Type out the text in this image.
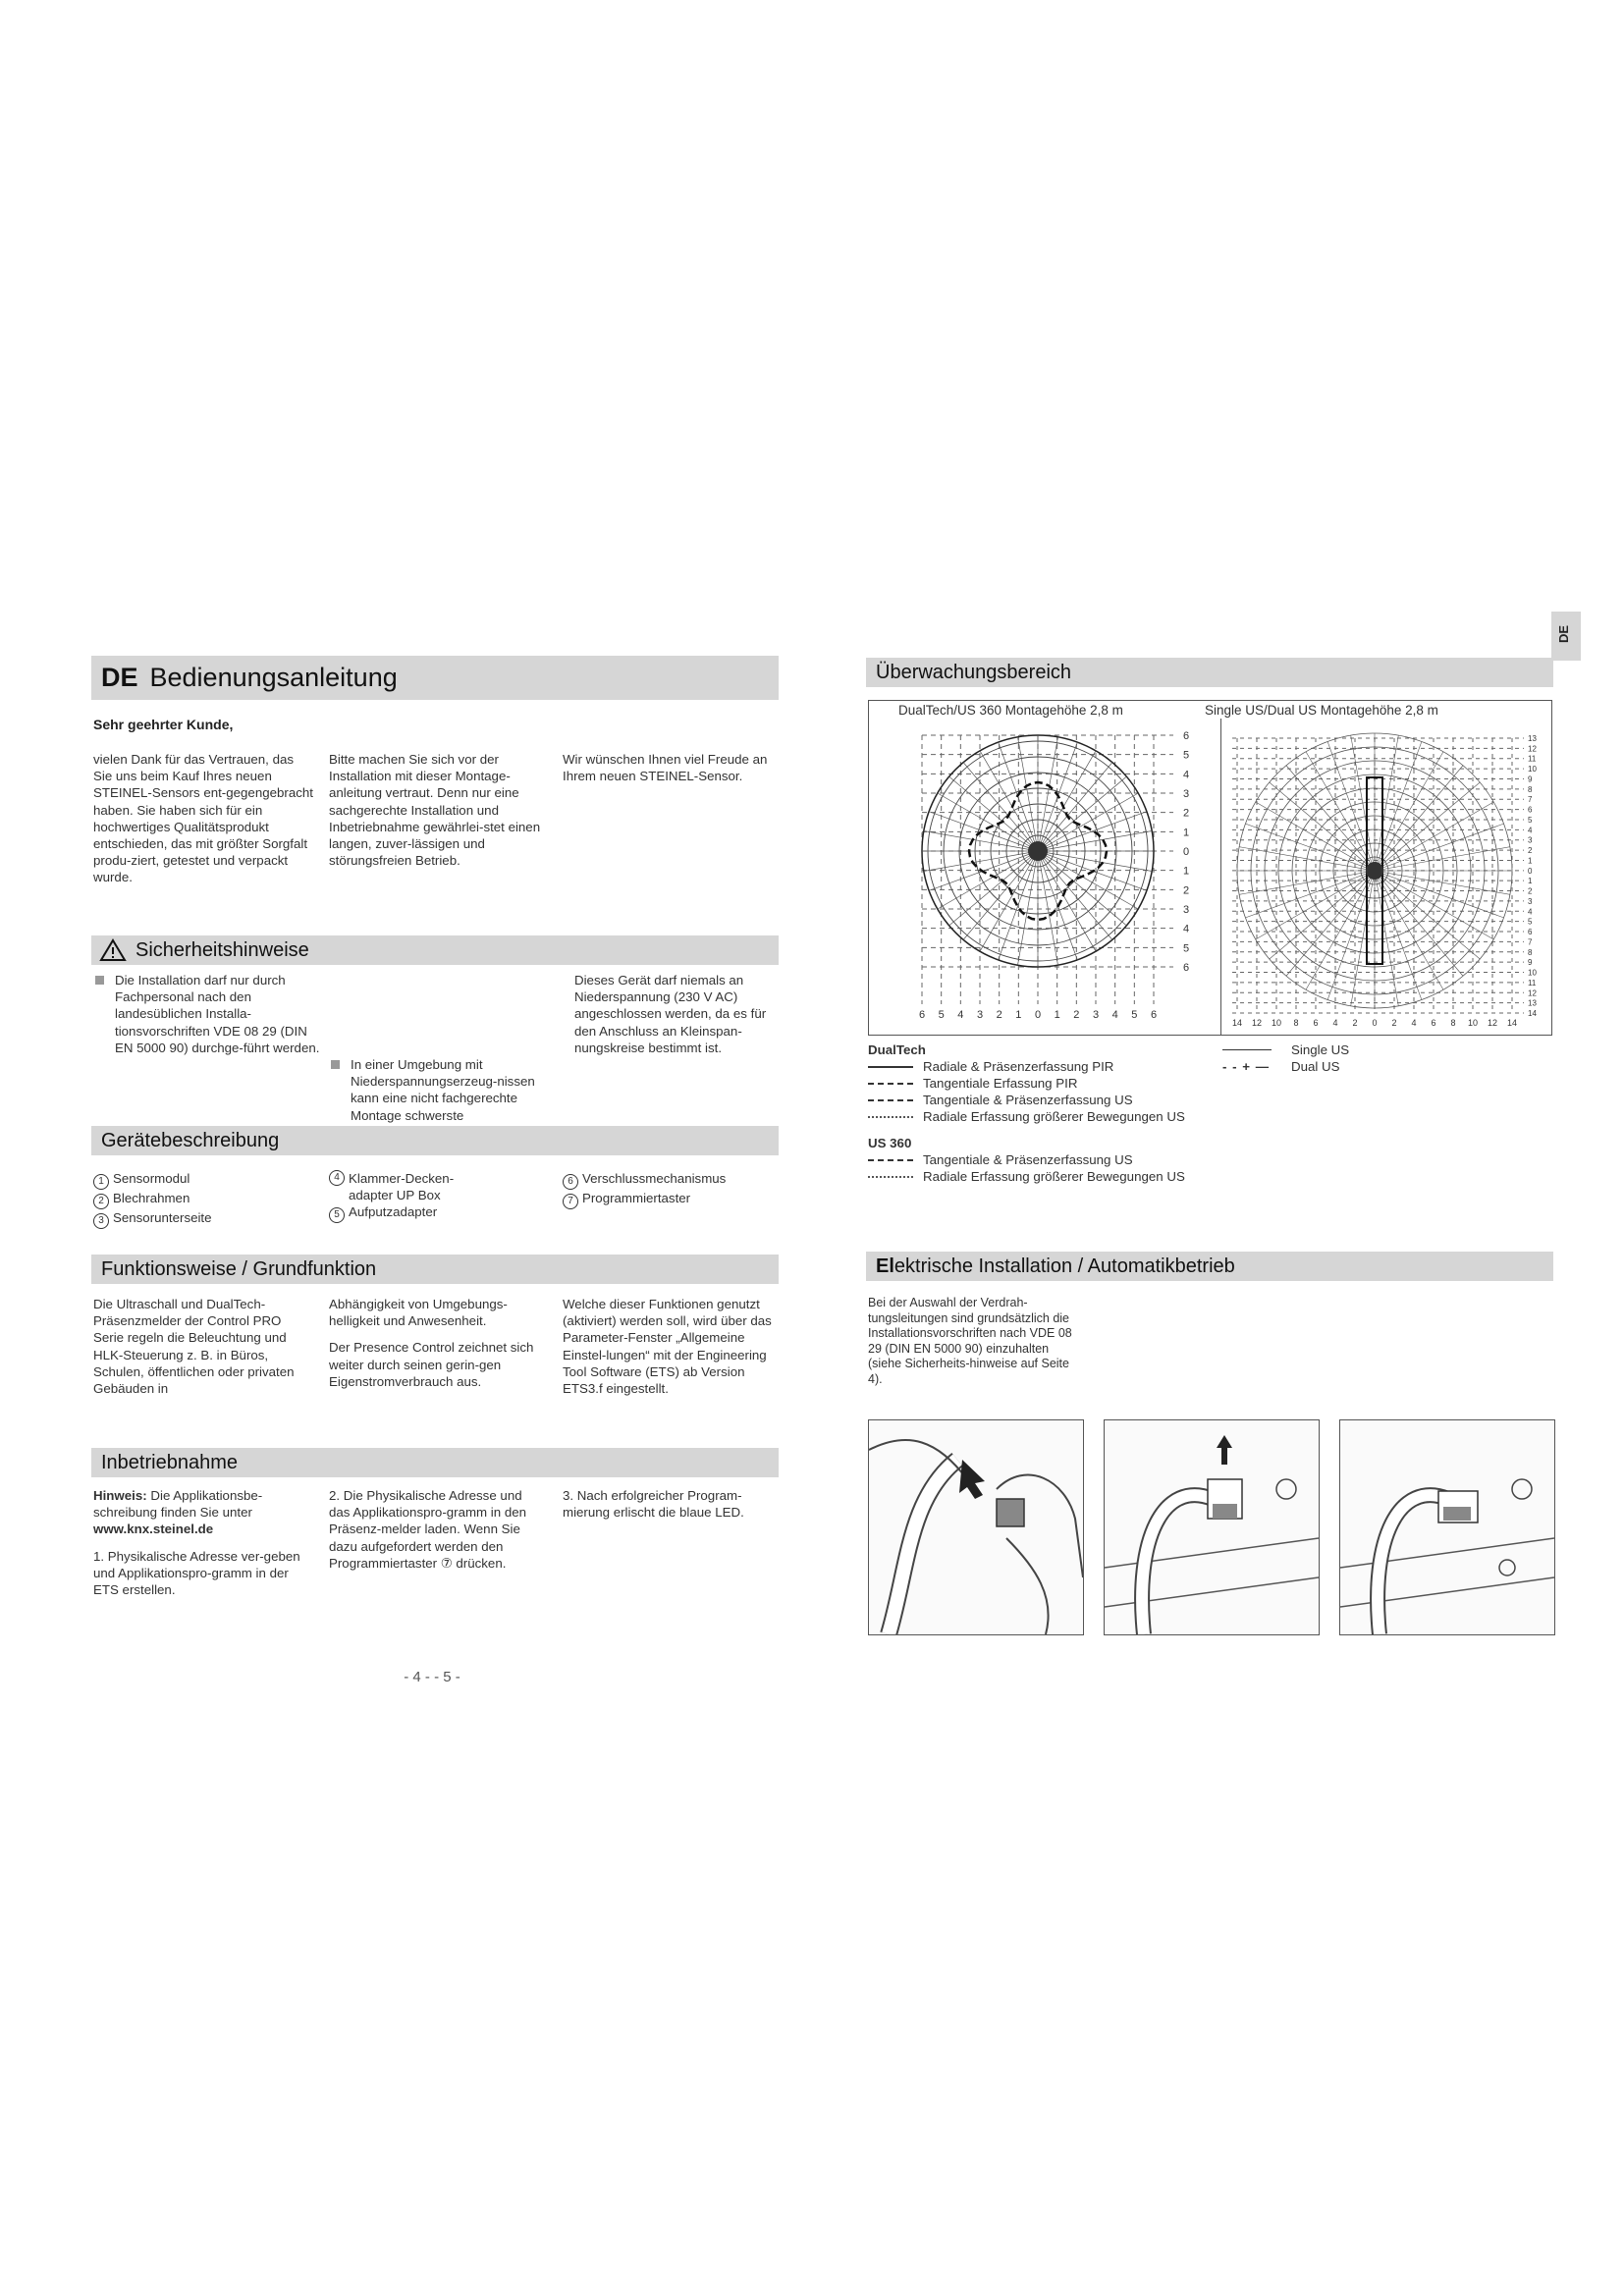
DE
DE Bedienungsanleitung
Sehr geehrter Kunde,
vielen Dank für das Vertrauen, das Sie uns beim Kauf Ihres neuen STEINEL-Sensors ent-gegengebracht haben. Sie haben sich für ein hochwertiges Qualitätsprodukt entschieden, das mit größter Sorgfalt produ-ziert, getestet und verpackt wurde.
Bitte machen Sie sich vor der Installation mit dieser Montage-anleitung vertraut. Denn nur eine sachgerechte Installation und Inbetriebnahme gewährlei-stet einen langen, zuver-lässigen und störungsfreien Betrieb.
Wir wünschen Ihnen viel Freude an Ihrem neuen STEINEL-Sensor.
Sicherheitshinweise
Die Installation darf nur durch Fachpersonal nach den landesüblichen Installa-tionsvorschriften VDE 08 29 (DIN EN 5000 90) durchge-führt werden.
In einer Umgebung mit Niederspannungserzeug-nissen kann eine nicht fachgerechte Montage schwerste
Dieses Gerät darf niemals an Niederspannung (230 V AC) angeschlossen werden, da es für den Anschluss an Kleinspan-nungskreise bestimmt ist.
Gerätebeschreibung
1 Sensormodul
2 Blechrahmen
3 Sensorunterseite
4 Klammer-Decken-adapter UP Box
5 Aufputzadapter
6 Verschlussmechanismus
7 Programmiertaster
Funktionsweise / Grundfunktion
Die Ultraschall und DualTech-Präsenzmelder der Control PRO Serie regeln die Beleuchtung und HLK-Steuerung z. B. in Büros, Schulen, öffentlichen oder privaten Gebäuden in

Abhängigkeit von Umgebungs-helligkeit und Anwesenheit.

Der Presence Control zeichnet sich weiter durch seinen gerin-gen Eigenstromverbrauch aus.

Welche dieser Funktionen genutzt (aktiviert) werden soll, wird über das Parameter-Fenster „Allgemeine Einstel-lungen“ mit der Engineering Tool Software (ETS) ab Version ETS3.f eingestellt.
Inbetriebnahme

Hinweis: Die Applikationsbe-schreibung finden Sie unter
www.knx.steinel.de

1. Physikalische Adresse ver-geben und Applikationspro-gramm in der ETS erstellen.

2. Die Physikalische Adresse und das Applikationspro-gramm in den Präsenz-melder laden. Wenn Sie dazu aufgefordert werden den Programmiertaster ⑦ drücken.
3. Nach erfolgreicher Program-mierung erlischt die blaue LED.
- 4 - - 5 -
Überwachungsbereich
DualTech/US 360 Montagehöhe 2,8 m	Single US/Dual US Montagehöhe 2,8 m
6 5 4 3 2 1 0 1 2 3 4 5 6
6
5
4
3
2
1
0
1
2
3
4
5
6
14 12 10 8 6 4 2 0 2 4 6 8 10 12 14
13
12
11
10
9
8
7
6
5
4
3
2
1
0
1
2
3
4
5
6
7
8
9
10
11
12
13
14
DualTech
Radiale & Präsenzerfassung PIR
Tangentiale Erfassung PIR
Tangentiale & Präsenzerfassung US
Radiale Erfassung größerer Bewegungen US
US 360
Tangentiale & Präsenzerfassung US
Radiale Erfassung größerer Bewegungen US
Single US
- - + — Dual US
Elektrische Installation / Automatikbetrieb
Bei der Auswahl der Verdrah-tungsleitungen sind grundsätzlich die Installationsvorschriften nach VDE 08 29 (DIN EN 5000 90) einzuhalten (siehe Sicherheits-hinweise auf Seite 4).
